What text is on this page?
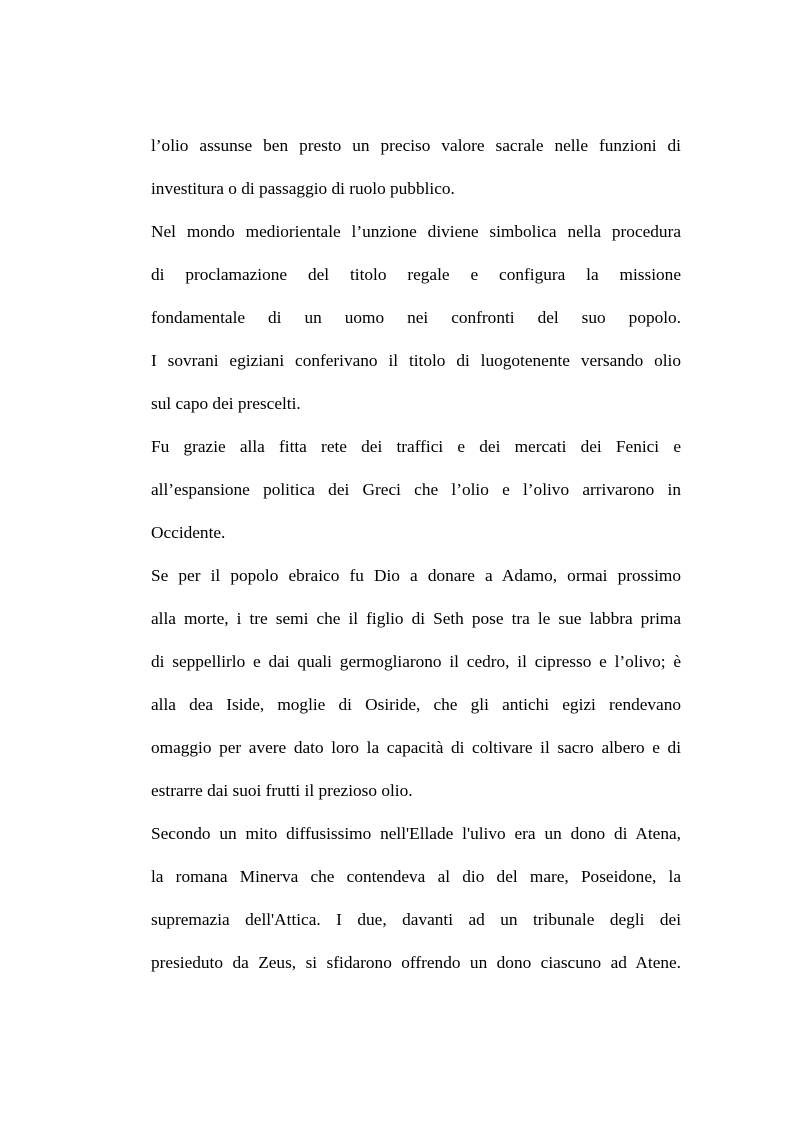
l’olio assunse ben presto un preciso valore sacrale nelle funzioni di
investitura o di passaggio di ruolo pubblico.
Nel mondo mediorientale l’unzione diviene simbolica nella procedura
di proclamazione del titolo regale e configura la missione
fondamentale di un uomo nei confronti del suo popolo.
I sovrani egiziani conferivano il titolo di luogotenente versando olio
sul capo dei prescelti.
Fu grazie alla fitta rete dei traffici e dei mercati dei Fenici e
all’espansione politica dei Greci che l’olio e l’olivo arrivarono in
Occidente.
Se per il popolo ebraico fu Dio a donare a Adamo, ormai prossimo
alla morte, i tre semi che il figlio di Seth pose tra le sue labbra prima
di seppellirlo e dai quali germogliarono il cedro, il cipresso e l’olivo; è
alla dea Iside, moglie di Osiride, che gli antichi egizi rendevano
omaggio per avere dato loro la capacità di coltivare il sacro albero e di
estrarre dai suoi frutti il prezioso olio.
Secondo un mito diffusissimo nell'Ellade l'ulivo era un dono di Atena,
la romana Minerva che contendeva al dio del mare, Poseidone, la
supremazia dell'Attica. I due, davanti ad un tribunale degli dei
presieduto da Zeus, si sfidarono offrendo un dono ciascuno ad Atene.
